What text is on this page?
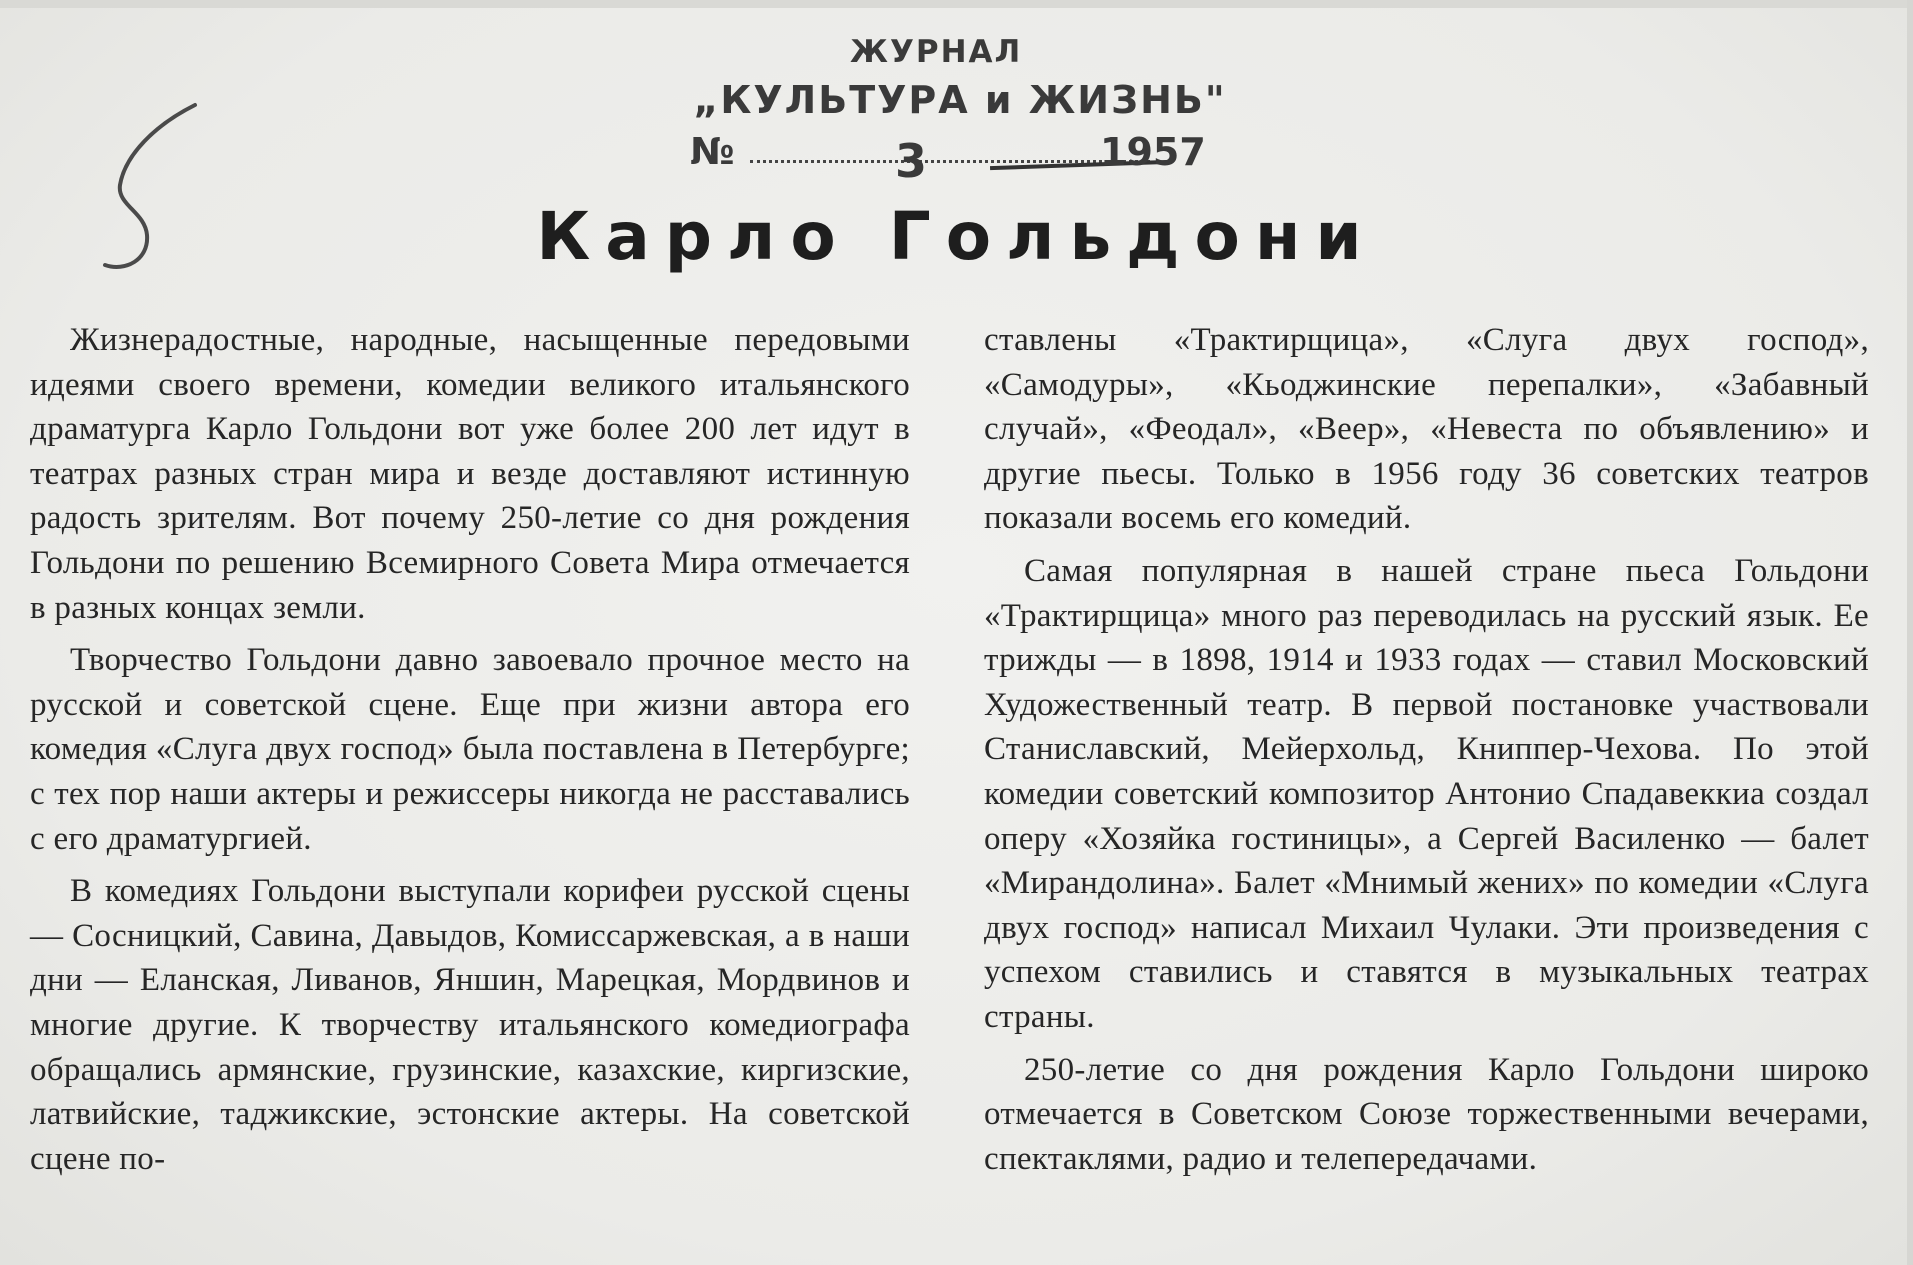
ЖУРНАЛ
„КУЛЬТУРА и ЖИЗНЬ"
№	3	1957
Карло Гольдони

Жизнерадостные, народные, насыщенные передовыми идеями своего времени, комедии великого итальянского драматурга Карло Гольдони вот уже более 200 лет идут в театрах разных стран мира и везде доставляют истинную радость зрителям. Вот почему 250-летие со дня рождения Гольдони по решению Всемирного Совета Мира отмечается в разных концах земли.

Творчество Гольдони давно завоевало прочное место на русской и советской сцене. Еще при жизни автора его комедия «Слуга двух господ» была поставлена в Петербурге; с тех пор наши актеры и режиссеры никогда не расставались с его драматургией.

В комедиях Гольдони выступали корифеи русской сцены — Сосницкий, Савина, Давыдов, Комиссаржевская, а в наши дни — Еланская, Ливанов, Яншин, Марецкая, Мордвинов и многие другие. К творчеству итальянского комедиографа обращались армянские, грузинские, казахские, киргизские, латвийские, таджикские, эстонские актеры. На советской сцене по-

ставлены «Трактирщица», «Слуга двух господ», «Самодуры», «Кьоджинские перепалки», «Забавный случай», «Феодал», «Веер», «Невеста по объявлению» и другие пьесы. Только в 1956 году 36 советских театров показали восемь его комедий.

Самая популярная в нашей стране пьеса Гольдони «Трактирщица» много раз переводилась на русский язык. Ее трижды — в 1898, 1914 и 1933 годах — ставил Московский Художественный театр. В первой постановке участвовали Станиславский, Мейерхольд, Книппер-Чехова. По этой комедии советский композитор Антонио Спадавеккиа создал оперу «Хозяйка гостиницы», а Сергей Василенко — балет «Мирандолина». Балет «Мнимый жених» по комедии «Слуга двух господ» написал Михаил Чулаки. Эти произведения с успехом ставились и ставятся в музыкальных театрах страны.

250-летие со дня рождения Карло Гольдони широко отмечается в Советском Союзе торжественными вечерами, спектаклями, радио и телепередачами.
